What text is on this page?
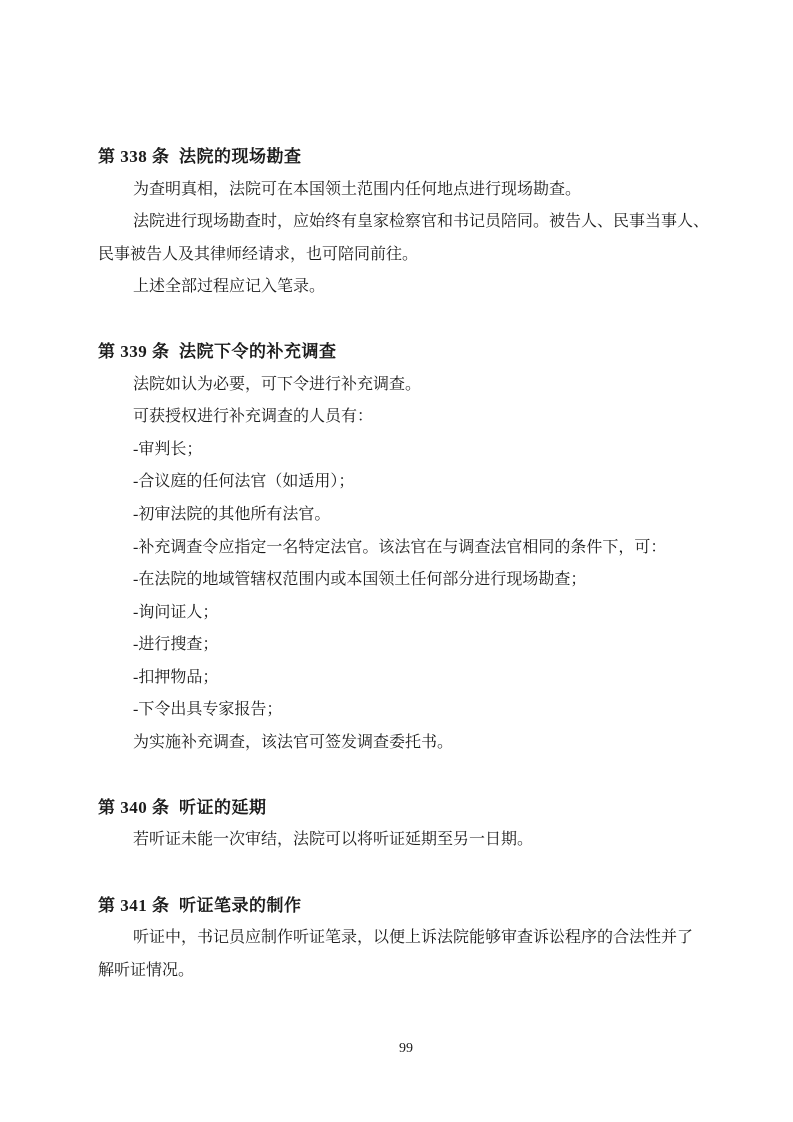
第 338 条  法院的现场勘查
为查明真相，法院可在本国领土范围内任何地点进行现场勘查。
法院进行现场勘查时，应始终有皇家检察官和书记员陪同。被告人、民事当事人、
民事被告人及其律师经请求，也可陪同前往。
上述全部过程应记入笔录。
第 339 条  法院下令的补充调查
法院如认为必要，可下令进行补充调查。
可获授权进行补充调查的人员有：
-审判长；
-合议庭的任何法官（如适用）；
-初审法院的其他所有法官。
-补充调查令应指定一名特定法官。该法官在与调查法官相同的条件下，可：
-在法院的地域管辖权范围内或本国领土任何部分进行现场勘查；
-询问证人；
-进行搜查；
-扣押物品；
-下令出具专家报告；
为实施补充调查，该法官可签发调查委托书。
第 340 条  听证的延期
若听证未能一次审结，法院可以将听证延期至另一日期。
第 341 条  听证笔录的制作
听证中，书记员应制作听证笔录，以便上诉法院能够审查诉讼程序的合法性并了
解听证情况。
99
